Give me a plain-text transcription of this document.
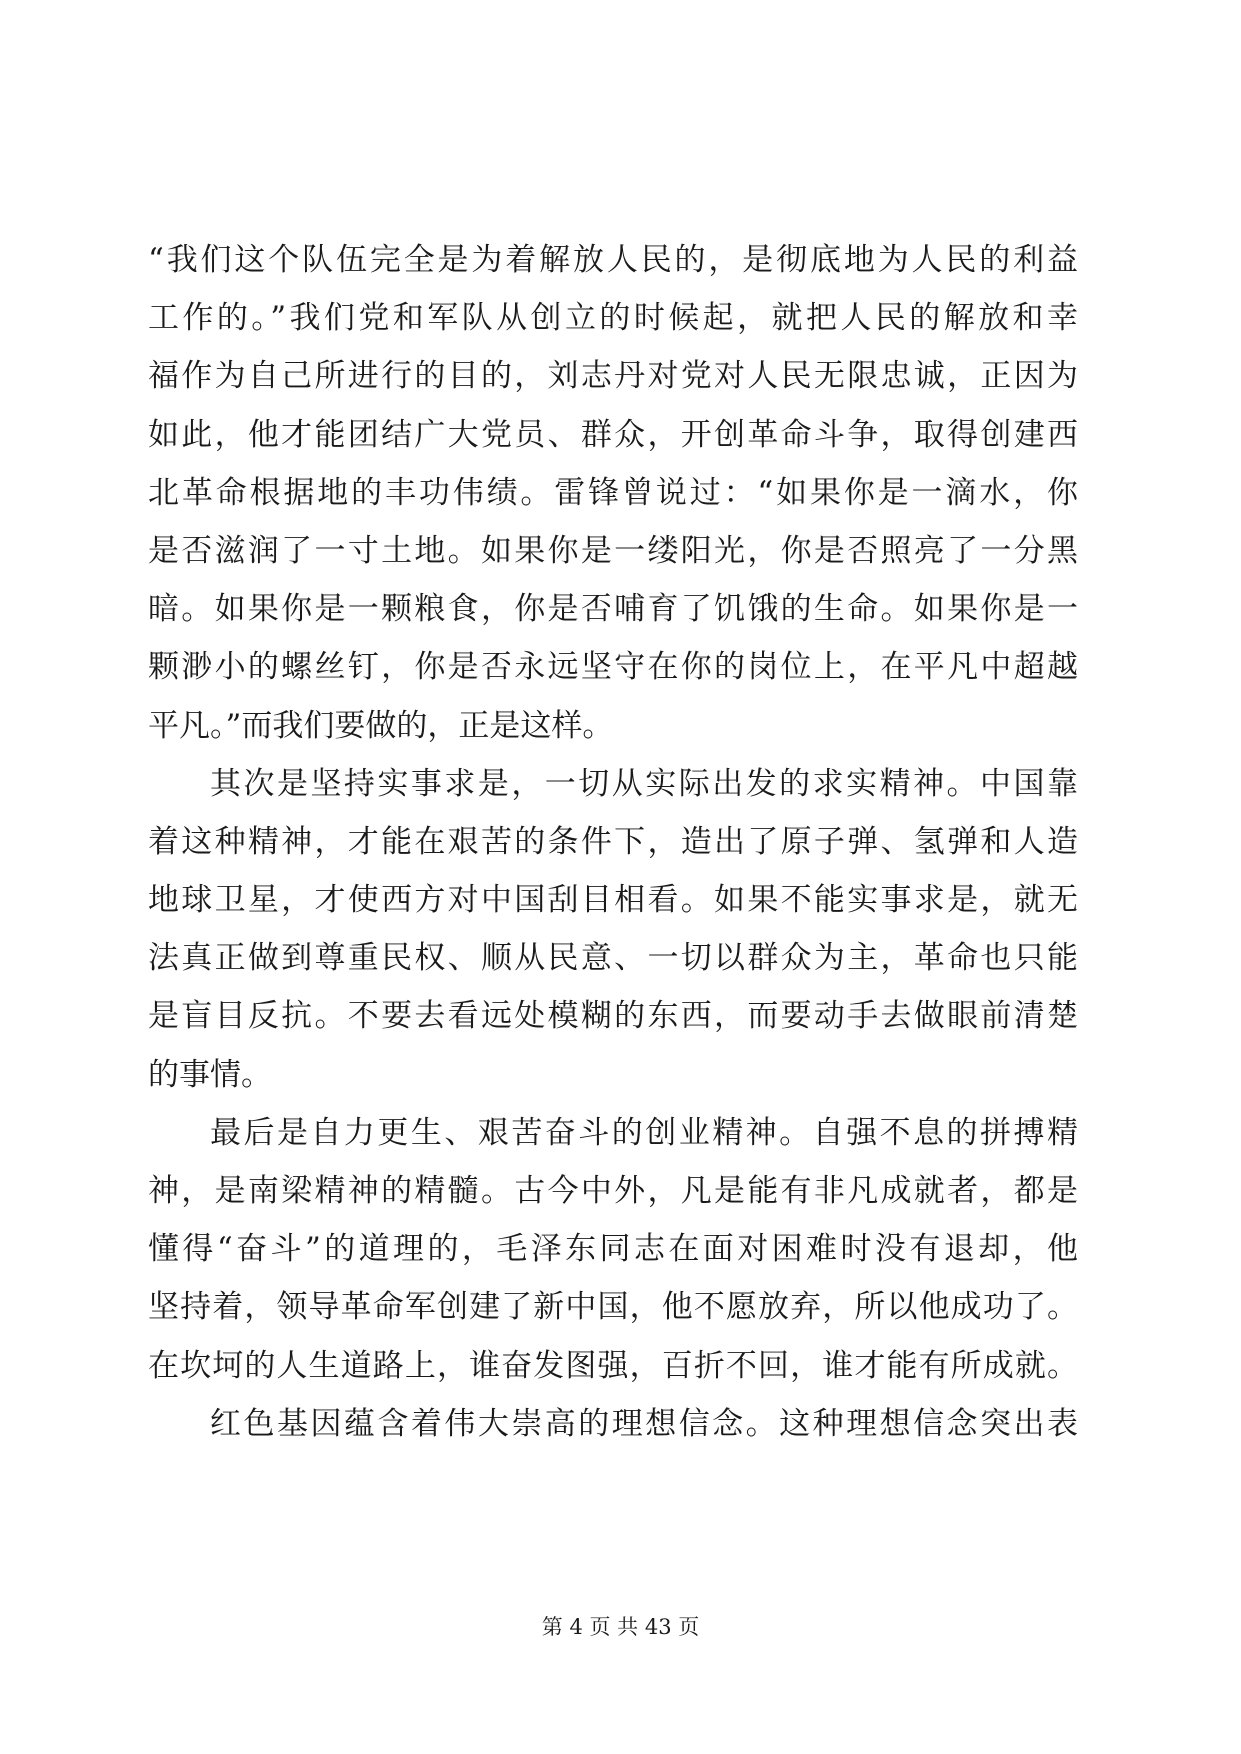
“我们这个队伍完全是为着解放人民的，是彻底地为人民的利益
工作的。”我们党和军队从创立的时候起，就把人民的解放和幸
福作为自己所进行的目的，刘志丹对党对人民无限忠诚，正因为
如此，他才能团结广大党员、群众，开创革命斗争，取得创建西
北革命根据地的丰功伟绩。雷锋曾说过：“如果你是一滴水，你
是否滋润了一寸土地。如果你是一缕阳光，你是否照亮了一分黑
暗。如果你是一颗粮食，你是否哺育了饥饿的生命。如果你是一
颗渺小的螺丝钉，你是否永远坚守在你的岗位上，在平凡中超越
平凡。”而我们要做的，正是这样。
其次是坚持实事求是，一切从实际出发的求实精神。中国靠
着这种精神，才能在艰苦的条件下，造出了原子弹、氢弹和人造
地球卫星，才使西方对中国刮目相看。如果不能实事求是，就无
法真正做到尊重民权、顺从民意、一切以群众为主，革命也只能
是盲目反抗。不要去看远处模糊的东西，而要动手去做眼前清楚
的事情。
最后是自力更生、艰苦奋斗的创业精神。自强不息的拼搏精
神，是南梁精神的精髓。古今中外，凡是能有非凡成就者，都是
懂得“奋斗”的道理的，毛泽东同志在面对困难时没有退却，他
坚持着，领导革命军创建了新中国，他不愿放弃，所以他成功了。
在坎坷的人生道路上，谁奋发图强，百折不回，谁才能有所成就。
红色基因蕴含着伟大崇高的理想信念。这种理想信念突出表
第 4 页 共 43 页
